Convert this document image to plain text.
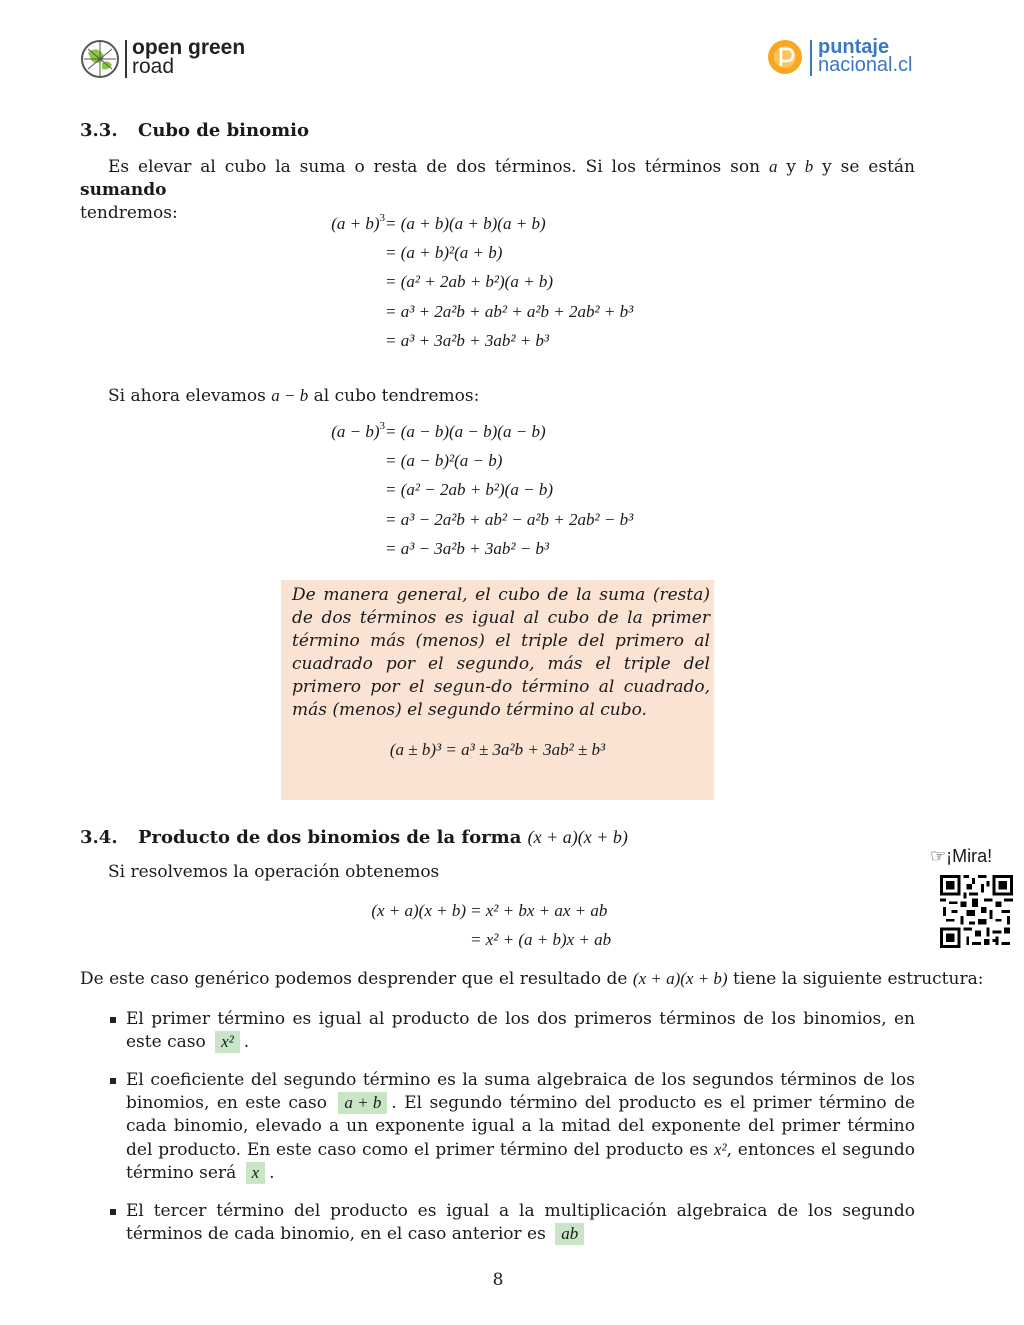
open green
road
puntaje
nacional.cl
3.3. Cubo de binomio
Es elevar al cubo la suma o resta de dos términos. Si los términos son a y b y se están sumando
tendremos:
$(a + b)^3 = (a + b)(a + b)(a + b)$
= (a + b)²(a + b)
= (a² + 2ab + b²)(a + b)
= a³ + 2a²b + ab² + a²b + 2ab² + b³
= a³ + 3a²b + 3ab² + b³
Si ahora elevamos a − b al cubo tendremos:
$(a - b)^3 = (a - b)(a - b)(a - b)$
= (a − b)²(a − b)
= (a² − 2ab + b²)(a − b)
= a³ − 2a²b + ab² − a²b + 2ab² − b³
= a³ − 3a²b + 3ab² − b³
De manera general, el cubo de la suma (resta) de dos términos es igual al cubo de la primer término más (menos) el triple del primero al cuadrado por el segundo, más el triple del primero por el segun-do término al cuadrado, más (menos) el segundo término al cubo.
(a ± b)³ = a³ ± 3a²b + 3ab² ± b³
3.4. Producto de dos binomios de la forma (x + a)(x + b)
Si resolvemos la operación obtenemos
(x + a)(x + b) = x² + bx + ax + ab
= x² + (a + b)x + ab
De este caso genérico podemos desprender que el resultado de (x + a)(x + b) tiene la siguiente estructura:
El primer término es igual al producto de los dos primeros términos de los binomios, en este caso x² .
El coeficiente del segundo término es la suma algebraica de los segundos términos de los binomios, en este caso a + b . El segundo término del producto es el primer término de cada binomio, elevado a un exponente igual a la mitad del exponente del primer término del producto. En este caso como el primer término del producto es x², entonces el segundo término será x .
El tercer término del producto es igual a la multiplicación algebraica de los segundo términos de cada binomio, en el caso anterior es ab
☞¡Mira!
8
